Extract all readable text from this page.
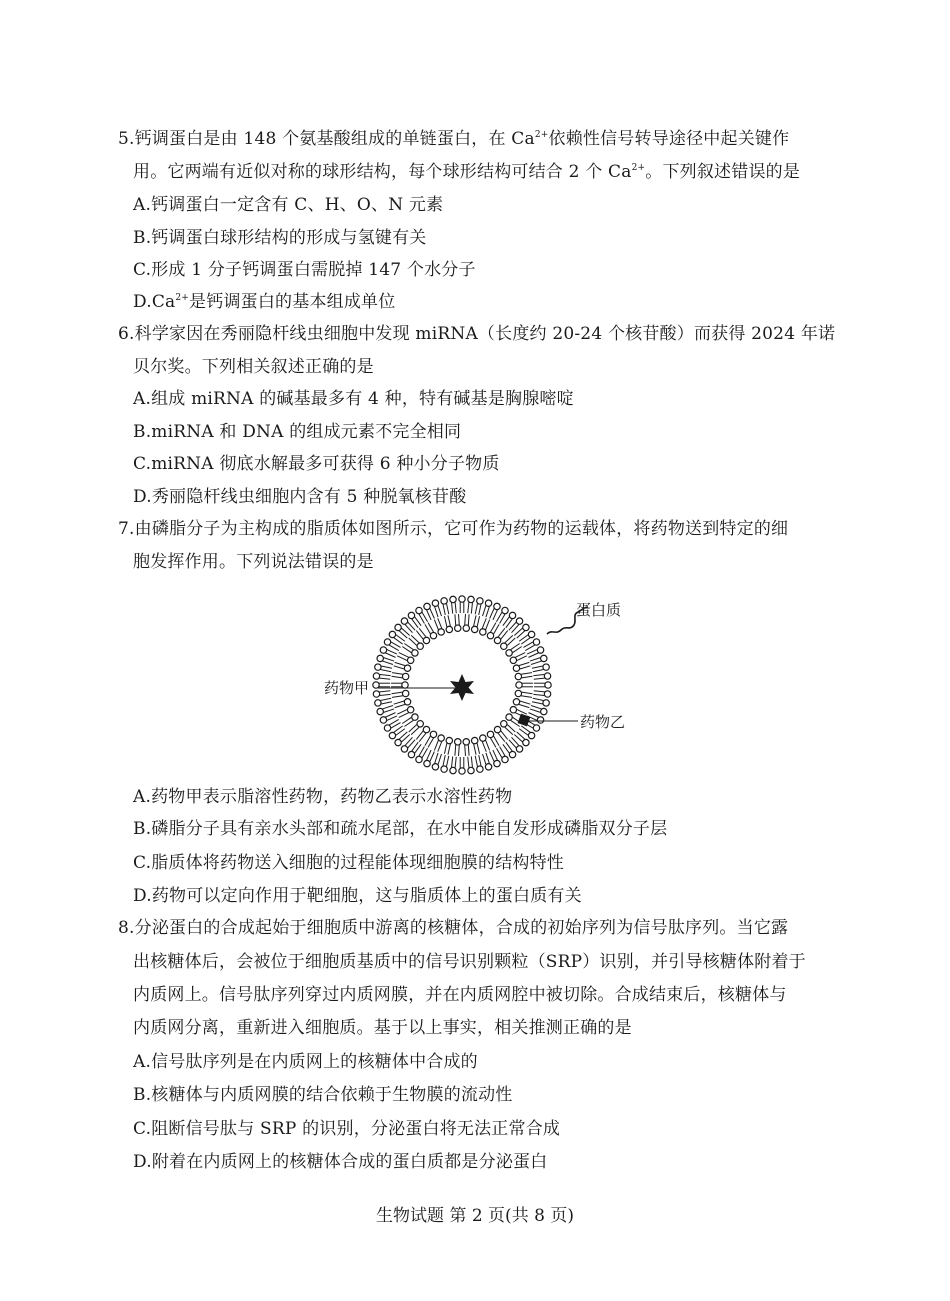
5.钙调蛋白是由 148 个氨基酸组成的单链蛋白，在 $Ca^{2+}$依赖性信号转导途径中起关键作
用。它两端有近似对称的球形结构，每个球形结构可结合 2 个 $Ca^{2+}$。下列叙述错误的是
A.钙调蛋白一定含有 C、H、O、N 元素
B.钙调蛋白球形结构的形成与氢键有关
C.形成 1 分子钙调蛋白需脱掉 147 个水分子
$D.Ca^{2+}$是钙调蛋白的基本组成单位
6.科学家因在秀丽隐杆线虫细胞中发现 miRNA（长度约 20-24 个核苷酸）而获得 2024 年诺
贝尔奖。下列相关叙述正确的是
A.组成 miRNA 的碱基最多有 4 种，特有碱基是胸腺嘧啶
B.miRNA 和 DNA 的组成元素不完全相同
C.miRNA 彻底水解最多可获得 6 种小分子物质
D.秀丽隐杆线虫细胞内含有 5 种脱氧核苷酸
7.由磷脂分子为主构成的脂质体如图所示，它可作为药物的运载体，将药物送到特定的细
胞发挥作用。下列说法错误的是
蛋白质
药物甲
药物乙
A.药物甲表示脂溶性药物，药物乙表示水溶性药物
B.磷脂分子具有亲水头部和疏水尾部，在水中能自发形成磷脂双分子层
C.脂质体将药物送入细胞的过程能体现细胞膜的结构特性
D.药物可以定向作用于靶细胞，这与脂质体上的蛋白质有关
8.分泌蛋白的合成起始于细胞质中游离的核糖体，合成的初始序列为信号肽序列。当它露
出核糖体后，会被位于细胞质基质中的信号识别颗粒（SRP）识别，并引导核糖体附着于
内质网上。信号肽序列穿过内质网膜，并在内质网腔中被切除。合成结束后，核糖体与
内质网分离，重新进入细胞质。基于以上事实，相关推测正确的是
A.信号肽序列是在内质网上的核糖体中合成的
B.核糖体与内质网膜的结合依赖于生物膜的流动性
C.阻断信号肽与 SRP 的识别，分泌蛋白将无法正常合成
D.附着在内质网上的核糖体合成的蛋白质都是分泌蛋白
生物试题 第 2 页(共 8 页)
